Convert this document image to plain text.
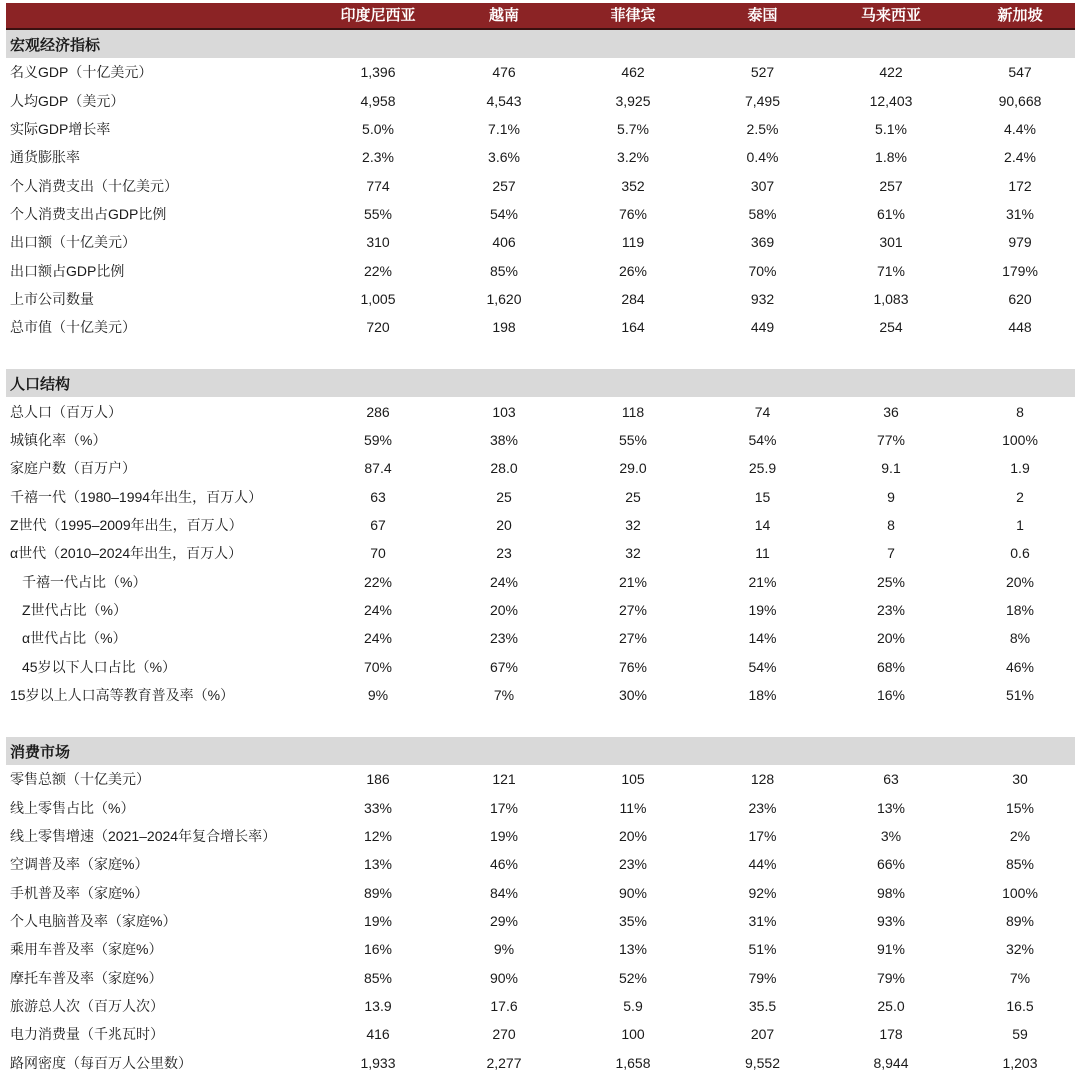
印度尼西亚	越南	菲律宾	泰国	马来西亚	新加坡
宏观经济指标
名义GDP（十亿美元）	1,396	476	462	527	422	547
人均GDP（美元）	4,958	4,543	3,925	7,495	12,403	90,668
实际GDP增长率	5.0%	7.1%	5.7%	2.5%	5.1%	4.4%
通货膨胀率	2.3%	3.6%	3.2%	0.4%	1.8%	2.4%
个人消费支出（十亿美元）	774	257	352	307	257	172
个人消费支出占GDP比例	55%	54%	76%	58%	61%	31%
出口额（十亿美元）	310	406	119	369	301	979
出口额占GDP比例	22%	85%	26%	70%	71%	179%
上市公司数量	1,005	1,620	284	932	1,083	620
总市值（十亿美元）	720	198	164	449	254	448
人口结构
总人口（百万人）	286	103	118	74	36	8
城镇化率（%）	59%	38%	55%	54%	77%	100%
家庭户数（百万户）	87.4	28.0	29.0	25.9	9.1	1.9
千禧一代（1980–1994年出生，百万人）	63	25	25	15	9	2
Z世代（1995–2009年出生，百万人）	67	20	32	14	8	1
α世代（2010–2024年出生，百万人）	70	23	32	11	7	0.6
千禧一代占比（%）	22%	24%	21%	21%	25%	20%
Z世代占比（%）	24%	20%	27%	19%	23%	18%
α世代占比（%）	24%	23%	27%	14%	20%	8%
45岁以下人口占比（%）	70%	67%	76%	54%	68%	46%
15岁以上人口高等教育普及率（%）	9%	7%	30%	18%	16%	51%
消费市场
零售总额（十亿美元）	186	121	105	128	63	30
线上零售占比（%）	33%	17%	11%	23%	13%	15%
线上零售增速（2021–2024年复合增长率）	12%	19%	20%	17%	3%	2%
空调普及率（家庭%）	13%	46%	23%	44%	66%	85%
手机普及率（家庭%）	89%	84%	90%	92%	98%	100%
个人电脑普及率（家庭%）	19%	29%	35%	31%	93%	89%
乘用车普及率（家庭%）	16%	9%	13%	51%	91%	32%
摩托车普及率（家庭%）	85%	90%	52%	79%	79%	7%
旅游总人次（百万人次）	13.9	17.6	5.9	35.5	25.0	16.5
电力消费量（千兆瓦时）	416	270	100	207	178	59
路网密度（每百万人公里数）	1,933	2,277	1,658	9,552	8,944	1,203
